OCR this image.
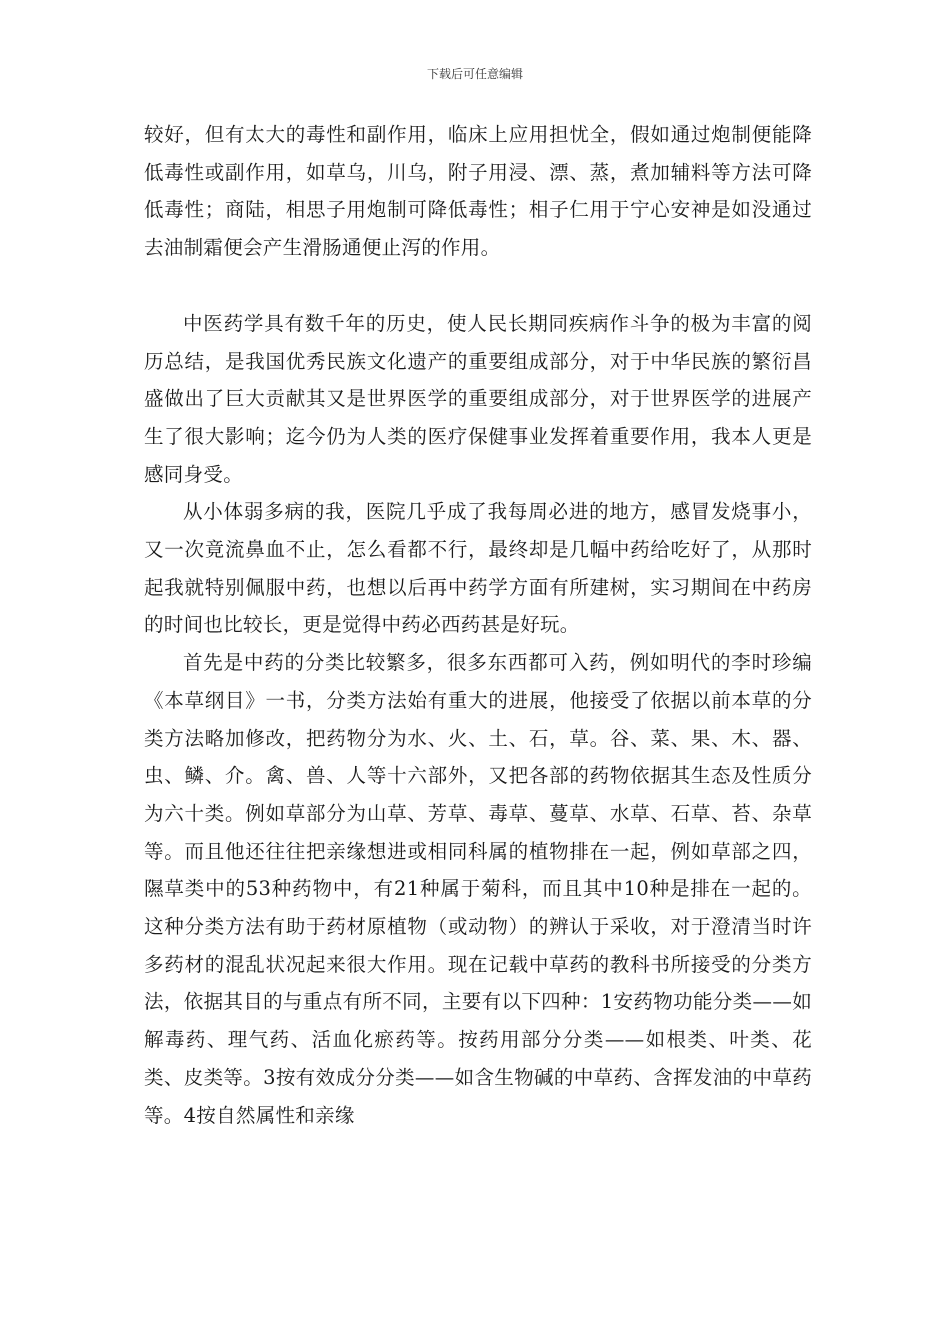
下载后可任意编辑

较好，但有太大的毒性和副作用，临床上应用担忧全，假如通过炮制便能降低毒性或副作用，如草乌，川乌，附子用浸、漂、蒸，煮加辅料等方法可降低毒性；商陆，相思子用炮制可降低毒性；相子仁用于宁心安神是如没通过去油制霜便会产生滑肠通便止泻的作用。

中医药学具有数千年的历史，使人民长期同疾病作斗争的极为丰富的阅历总结，是我国优秀民族文化遗产的重要组成部分，对于中华民族的繁衍昌盛做出了巨大贡献其又是世界医学的重要组成部分，对于世界医学的进展产生了很大影响；迄今仍为人类的医疗保健事业发挥着重要作用，我本人更是感同身受。

从小体弱多病的我，医院几乎成了我每周必进的地方，感冒发烧事小，又一次竟流鼻血不止，怎么看都不行，最终却是几幅中药给吃好了，从那时起我就特别佩服中药，也想以后再中药学方面有所建树，实习期间在中药房的时间也比较长，更是觉得中药必西药甚是好玩。

首先是中药的分类比较繁多，很多东西都可入药，例如明代的李时珍编《本草纲目》一书，分类方法始有重大的进展，他接受了依据以前本草的分类方法略加修改，把药物分为水、火、土、石，草。谷、菜、果、木、器、虫、鳞、介。禽、兽、人等十六部外，又把各部的药物依据其生态及性质分为六十类。例如草部分为山草、芳草、毒草、蔓草、水草、石草、苔、杂草等。而且他还往往把亲缘想进或相同科属的植物排在一起，例如草部之四，隰草类中的53种药物中，有21种属于菊科，而且其中10种是排在一起的。这种分类方法有助于药材原植物（或动物）的辨认于采收，对于澄清当时许多药材的混乱状况起来很大作用。现在记载中草药的教科书所接受的分类方法，依据其目的与重点有所不同，主要有以下四种：1安药物功能分类——如解毒药、理气药、活血化瘀药等。按药用部分分类——如根类、叶类、花类、皮类等。3按有效成分分类——如含生物碱的中草药、含挥发油的中草药等。4按自然属性和亲缘
